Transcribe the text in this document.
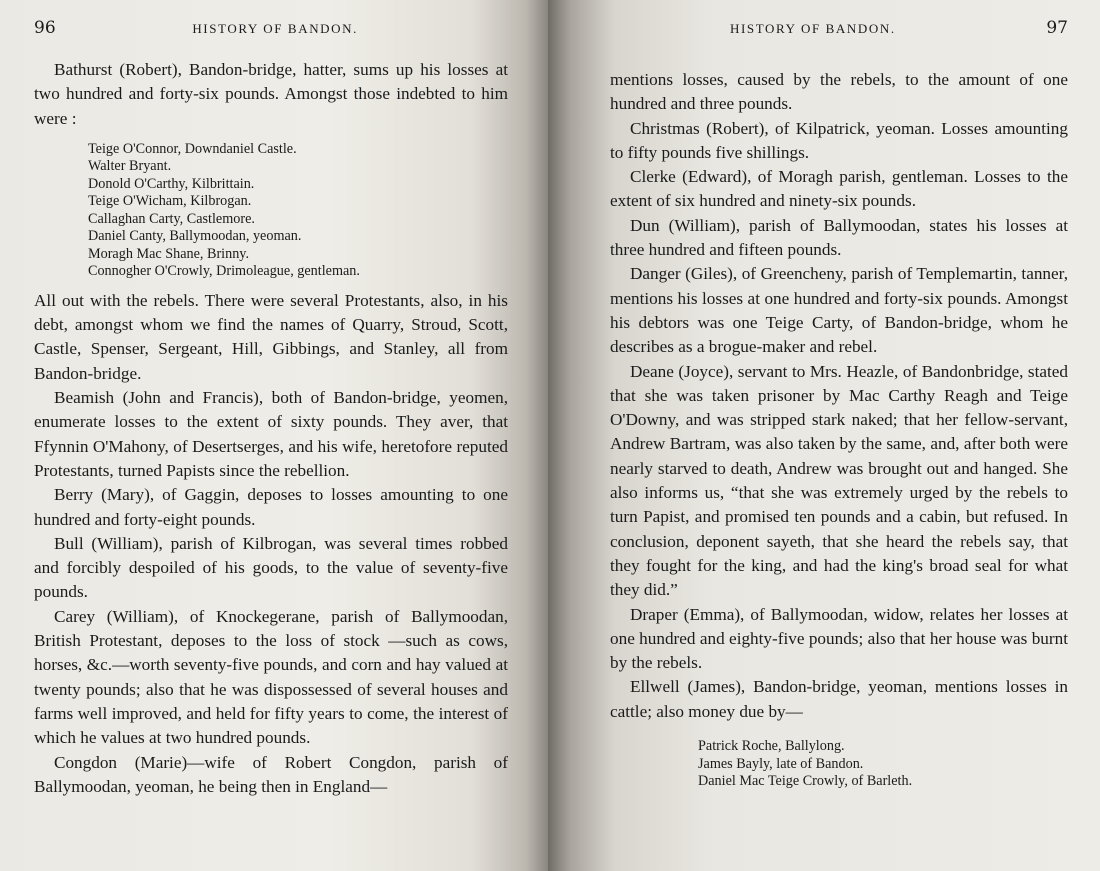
96	HISTORY OF BANDON.

Bathurst (Robert), Bandon-bridge, hatter, sums up his losses at two hundred and forty-six pounds. Amongst those indebted to him were :

Teige O'Connor, Downdaniel Castle.
Walter Bryant.
Donold O'Carthy, Kilbrittain.
Teige O'Wicham, Kilbrogan.
Callaghan Carty, Castlemore.
Daniel Canty, Ballymoodan, yeoman.
Moragh Mac Shane, Brinny.
Connogher O'Crowly, Drimoleague, gentleman.

All out with the rebels. There were several Protestants, also, in his debt, amongst whom we find the names of Quarry, Stroud, Scott, Castle, Spenser, Sergeant, Hill, Gibbings, and Stanley, all from Bandon-bridge.

Beamish (John and Francis), both of Bandon-bridge, yeomen, enumerate losses to the extent of sixty pounds. They aver, that Ffynnin O'Mahony, of Desertserges, and his wife, heretofore reputed Protestants, turned Papists since the rebellion.

Berry (Mary), of Gaggin, deposes to losses amounting to one hundred and forty-eight pounds.

Bull (William), parish of Kilbrogan, was several times robbed and forcibly despoiled of his goods, to the value of seventy-five pounds.

Carey (William), of Knockegerane, parish of Ballymoodan, British Protestant, deposes to the loss of stock —such as cows, horses, &c.—worth seventy-five pounds, and corn and hay valued at twenty pounds; also that he was dispossessed of several houses and farms well improved, and held for fifty years to come, the interest of which he values at two hundred pounds.

Congdon (Marie)—wife of Robert Congdon, parish of Ballymoodan, yeoman, he being then in England—

HISTORY OF BANDON.	97

mentions losses, caused by the rebels, to the amount of one hundred and three pounds.

Christmas (Robert), of Kilpatrick, yeoman. Losses amounting to fifty pounds five shillings.

Clerke (Edward), of Moragh parish, gentleman. Losses to the extent of six hundred and ninety-six pounds.

Dun (William), parish of Ballymoodan, states his losses at three hundred and fifteen pounds.

Danger (Giles), of Greencheny, parish of Templemartin, tanner, mentions his losses at one hundred and forty-six pounds. Amongst his debtors was one Teige Carty, of Bandon-bridge, whom he describes as a brogue-maker and rebel.

Deane (Joyce), servant to Mrs. Heazle, of Bandonbridge, stated that she was taken prisoner by Mac Carthy Reagh and Teige O'Downy, and was stripped stark naked; that her fellow-servant, Andrew Bartram, was also taken by the same, and, after both were nearly starved to death, Andrew was brought out and hanged. She also informs us, “that she was extremely urged by the rebels to turn Papist, and promised ten pounds and a cabin, but refused. In conclusion, deponent sayeth, that she heard the rebels say, that they fought for the king, and had the king's broad seal for what they did.”

Draper (Emma), of Ballymoodan, widow, relates her losses at one hundred and eighty-five pounds; also that her house was burnt by the rebels.

Ellwell (James), Bandon-bridge, yeoman, mentions losses in cattle; also money due by—

Patrick Roche, Ballylong.
James Bayly, late of Bandon.
Daniel Mac Teige Crowly, of Barleth.
